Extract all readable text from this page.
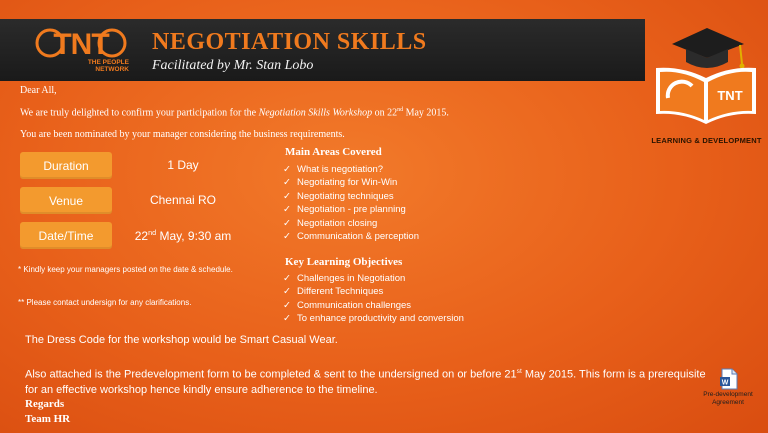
TNT
THE PEOPLE
NETWORK
NEGOTIATION SKILLS
Facilitated by Mr. Stan Lobo
TNT
LEARNING & DEVELOPMENT
Dear All,
We are truly delighted to confirm your participation for the Negotiation Skills Workshop on 22nd May 2015.
You are been nominated by your manager considering the business requirements.
Duration	1 Day
Venue	Chennai RO
Date/Time	22nd May, 9:30 am
* Kindly keep your managers posted on the date & schedule.
** Please contact undersign for any clarifications.
Main Areas Covered
✓ What is negotiation?
✓ Negotiating for Win-Win
✓ Negotiating techniques
✓ Negotiation - pre planning
✓ Negotiation closing
✓ Communication & perception
Key Learning Objectives
✓ Challenges in Negotiation
✓ Different Techniques
✓ Communication challenges
✓ To enhance productivity and conversion
The Dress Code for the workshop would be Smart Casual Wear.
Also attached is the Predevelopment form to be completed & sent to the undersigned on or before 21st May 2015. This form is a prerequisite for an effective workshop hence kindly ensure adherence to the timeline.
Regards
Team HR
W
Pre-development Agreement
